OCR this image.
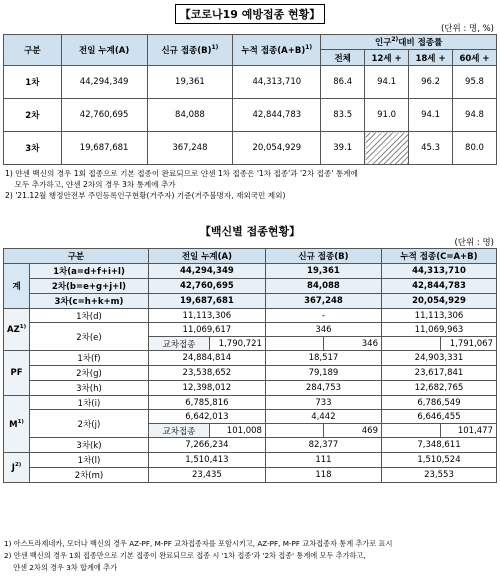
【코로나19 예방접종 현황】
(단위 : 명, %)
구분	전일 누계(A)	신규 접종$(B)^{1)}$	누적 접종$(A+B)^{1)}$	인구$^{2)}$대비 접종률			
				전체	12세 +	18세 +	60세 +
1차	44,294,349	19,361	44,313,710	86.4	94.1	96.2	95.8
2차	42,760,695	84,088	42,844,783	83.5	91.0	94.1	94.8
3차	19,687,681	367,248	20,054,929	39.1		45.3	80.0
1) 얀센 백신의 경우 1회 접종으로 기본 접종이 완료되므로 얀센 1차 접종은 '1차 접종'과 '2차 접종' 통계에
모두 추가하고, 얀센 2차의 경우 3차 통계에 추가
2) '21.12월 행정안전부 주민등록인구현황(거주자) 기준(거주불명자, 재외국민 제외)
【백신별 접종현황】
(단위 : 명)
구분		전일 누계(A)		신규 접종(B)		누적 접종(C=A+B)	
계	1차(a=d+f+i+l)	44,294,349		19,361		44,313,710	
	2차(b=e+g+j+l)	42,760,695		84,088		42,844,783	
	3차(c=h+k+m)	19,687,681		367,248		20,054,929	
AZ$^{1)}$	1차(d)	11,113,306		-		11,113,306	
	2차(e)	11,069,617		346		11,069,963	
		교차접종	1,790,721		346		1,791,067
PF	1차(f)	24,884,814		18,517		24,903,331	
	2차(g)	23,538,652		79,189		23,617,841	
	3차(h)	12,398,012		284,753		12,682,765	
$M^{1)}$	1차(i)	6,785,816		733		6,786,549	
	2차(j)	6,642,013		4,442		6,646,455	
		교차접종	101,008		469		101,477
	3차(k)	7,266,234		82,377		7,348,611	
$J^{2)}$	1차(l)	1,510,413		111		1,510,524	
	2차(m)	23,435		118		23,553	
1) 아스트라제네카, 모더나 백신의 경우 AZ-PF, M-PF 교차접종자를 포함시키고, AZ-PF, M-PF 교차접종자 통계 추가로 표시
2) 얀센 백신의 경우 1회 접종만으로 기본 접종이 완료되므로 접종 시 '1차 접종'과 '2차 접종' 통계에 모두 추가하고,
얀센 2차의 경우 3차 합계에 추가
